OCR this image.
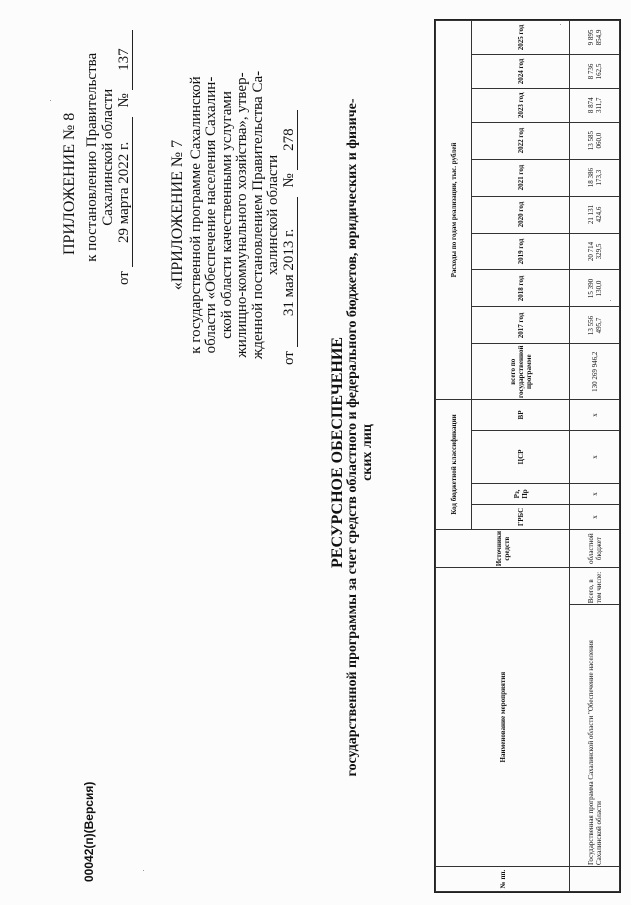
ПРИЛОЖЕНИЕ № 8 к постановлению Правительства Сахалинской области
от 29 марта 2022 г. № 137
«ПРИЛОЖЕНИЕ № 7 к государственной программе Сахалинской области «Обеспечение населения Сахалин- ской области качественными услугами жилищно-коммунального хозяйства», утвер- жденной постановлением Правительства Са- халинской области
от 31 мая 2013 г. № 278
РЕСУРСНОЕ ОБЕСПЕЧЕНИЕ государственной программы за счет средств областного и федерального бюджетов, юридических и физиче- ских лиц
№ пп.	Наименование мероприятия		Источники средств	Код бюджетной классификации				Расходы по годам реализации, тыс. рублей									
				ГРБС	Рз, Пр	ЦСР	ВР	всего по государственной программе	2017 год	2018 год	2019 год	2020 год	2021 год	2022 год	2023 год	2024 год	2025 год

	Государственная программа Сахалинской области "Обеспечение населения Сахалинской области	Всего, в том числе:	областной бюджет	х	х	х	х	130 269 946,2	13 556 495,7	15 390 130,0	20 714 329,5	21 131 424,6	18 386 173,3	13 585 060,0	8 874 311,7	8 736 162,5	9 895 854,9
00042(п)(Версия)
